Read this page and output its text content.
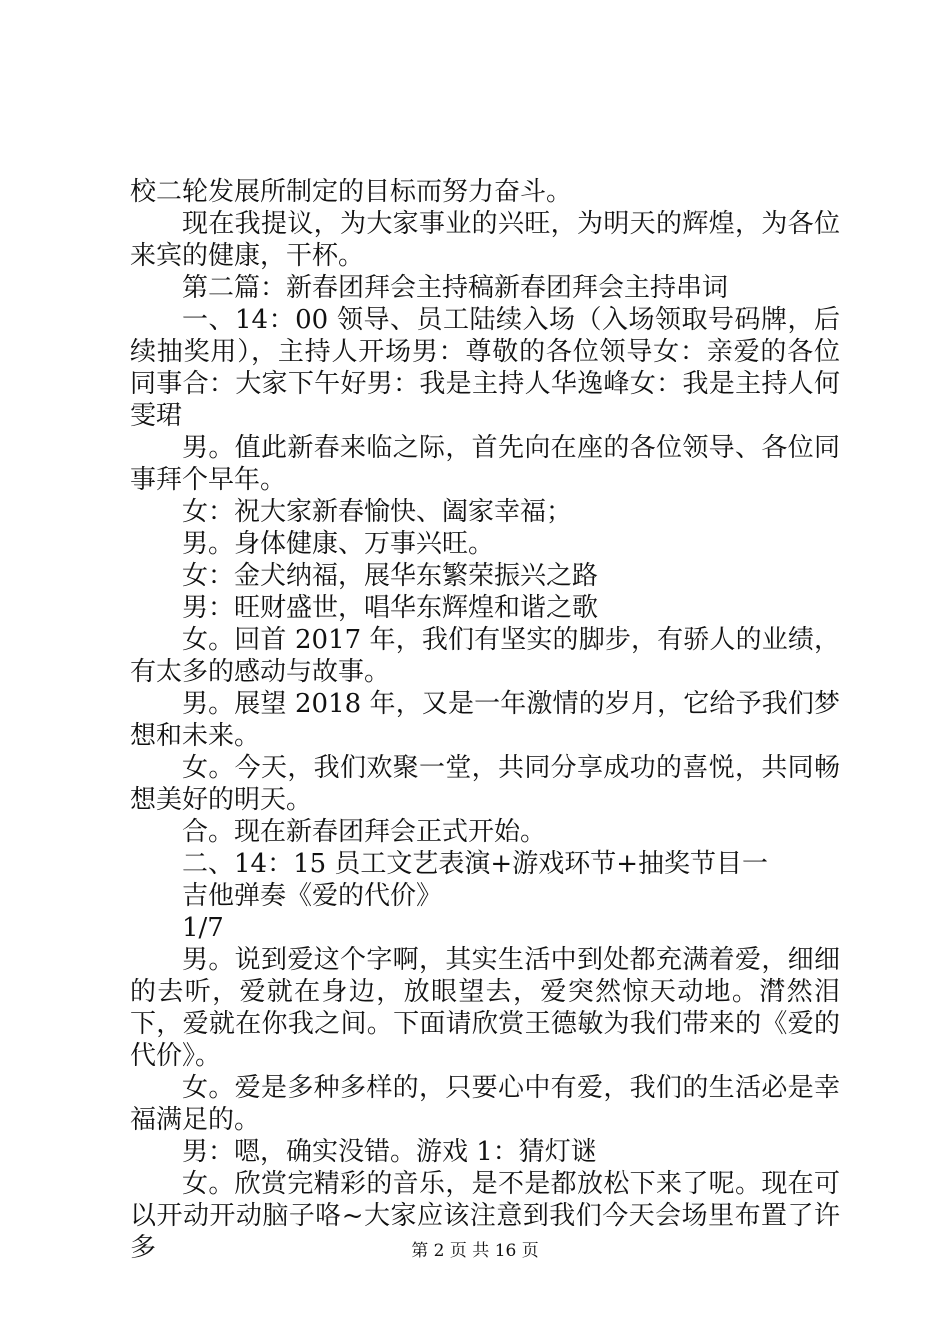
校二轮发展所制定的目标而努力奋斗。

现在我提议，为大家事业的兴旺，为明天的辉煌，为各位来宾的健康，干杯。

第二篇：新春团拜会主持稿新春团拜会主持串词

一、14：00 领导、员工陆续入场（入场领取号码牌，后续抽奖用），主持人开场男：尊敬的各位领导女：亲爱的各位同事合：大家下午好男：我是主持人华逸峰女：我是主持人何雯珺

男。值此新春来临之际，首先向在座的各位领导、各位同事拜个早年。

女：祝大家新春愉快、阖家幸福；

男。身体健康、万事兴旺。

女：金犬纳福，展华东繁荣振兴之路

男：旺财盛世，唱华东辉煌和谐之歌

女。回首 2017 年，我们有坚实的脚步，有骄人的业绩，有太多的感动与故事。

男。展望 2018 年，又是一年激情的岁月，它给予我们梦想和未来。

女。今天，我们欢聚一堂，共同分享成功的喜悦，共同畅想美好的明天。

合。现在新春团拜会正式开始。

二、14：15 员工文艺表演+游戏环节+抽奖节目一

吉他弹奏《爱的代价》

1/7

男。说到爱这个字啊，其实生活中到处都充满着爱，细细的去听，爱就在身边，放眼望去，爱突然惊天动地。潸然泪下，爱就在你我之间。下面请欣赏王德敏为我们带来的《爱的代价》。

女。爱是多种多样的，只要心中有爱，我们的生活必是幸福满足的。

男：嗯，确实没错。游戏 1：猜灯谜

女。欣赏完精彩的音乐，是不是都放松下来了呢。现在可以开动开动脑子咯~大家应该注意到我们今天会场里布置了许多	第 2 页 共 16 页
